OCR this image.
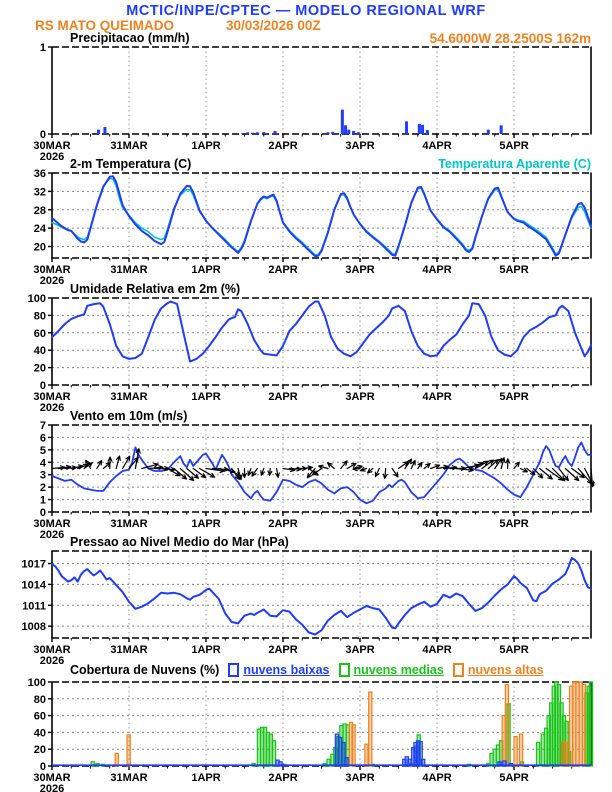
MCTIC/INPE/CPTEC — MODELO REGIONAL WRF
RS MATO QUEIMADO	30/03/2026 00Z
54.6000W 28.2500S 162m
0
1
30MAR
2026
31MAR	1APR	2APR	3APR	4APR	5APR
20
24
28
32
36
30MAR
2026
31MAR	1APR	2APR	3APR	4APR	5APR
0
20
40
60
80
100
30MAR
2026
31MAR	1APR	2APR	3APR	4APR	5APR
0
1
2
3
4
5
6
7
30MAR
2026
31MAR	1APR	2APR	3APR	4APR	5APR
1008
1011
1014
1017
30MAR
2026
31MAR	1APR	2APR	3APR	4APR	5APR
0
20
40
60
80
100
30MAR
2026
31MAR	1APR	2APR	3APR	4APR	5APR
Precipitacao (mm/h)
2-m Temperatura (C)	Temperatura Aparente (C)
Umidade Relativa em 2m (%)
Vento em 10m (m/s)
Pressao ao Nivel Medio do Mar (hPa)
Cobertura de Nuvens (%) nuvens baixas nuvens medias nuvens altas
